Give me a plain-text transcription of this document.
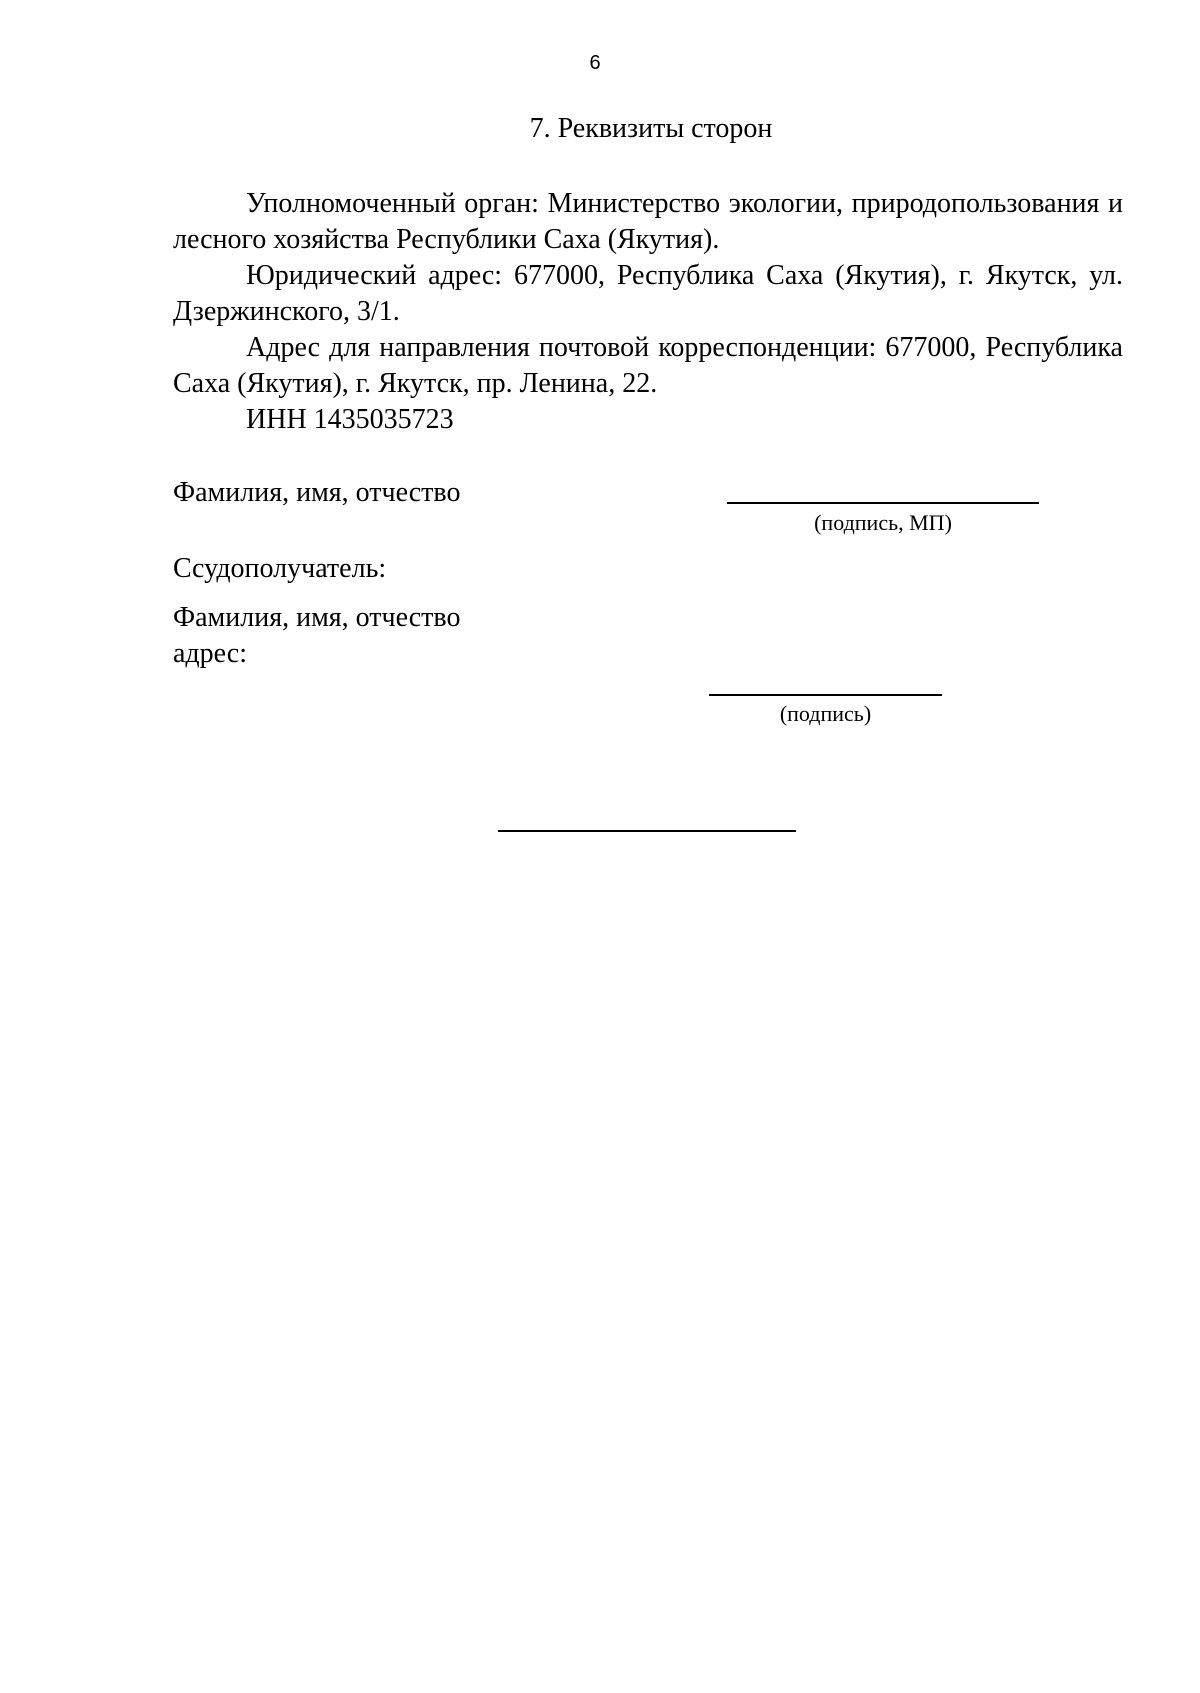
6
7. Реквизиты сторон

Уполномоченный орган: Министерство экологии, природопользования и лесного хозяйства Республики Саха (Якутия).

Юридический адрес: 677000, Республика Саха (Якутия), г. Якутск, ул. Дзержинского, 3/1.

Адрес для направления почтовой корреспонденции: 677000, Республика Саха (Якутия), г. Якутск, пр. Ленина, 22.

ИНН 1435035723

Фамилия, имя, отчество
(подпись, МП)
Ссудополучатель:
Фамилия, имя, отчество
адрес:
(подпись)
